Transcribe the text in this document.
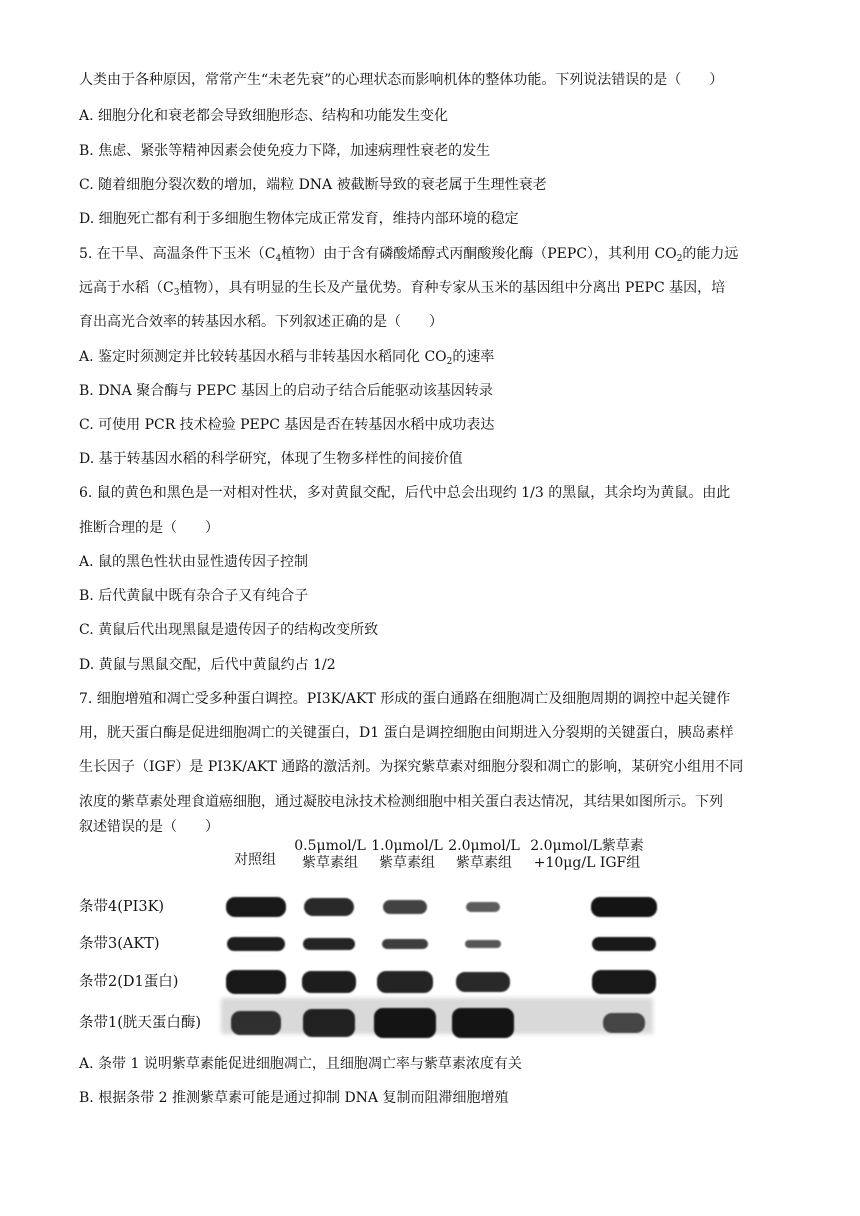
人类由于各种原因，常常产生“未老先衰”的心理状态而影响机体的整体功能。下列说法错误的是（　　）
A. 细胞分化和衰老都会导致细胞形态、结构和功能发生变化
B. 焦虑、紧张等精神因素会使免疫力下降，加速病理性衰老的发生
C. 随着细胞分裂次数的增加，端粒 DNA 被截断导致的衰老属于生理性衰老
D. 细胞死亡都有利于多细胞生物体完成正常发育，维持内部环境的稳定
5. 在干旱、高温条件下玉米（$C_4$植物）由于含有磷酸烯醇式丙酮酸羧化酶（PEPC），其利用 $CO_2$的能力远
远高于水稻（$C_3$植物），具有明显的生长及产量优势。育种专家从玉米的基因组中分离出 PEPC 基因，培
育出高光合效率的转基因水稻。下列叙述正确的是（　　）
A. 鉴定时须测定并比较转基因水稻与非转基因水稻同化 $CO_2$的速率
B. DNA 聚合酶与 PEPC 基因上的启动子结合后能驱动该基因转录
C. 可使用 PCR 技术检验 PEPC 基因是否在转基因水稻中成功表达
D. 基于转基因水稻的科学研究，体现了生物多样性的间接价值
6. 鼠的黄色和黑色是一对相对性状，多对黄鼠交配，后代中总会出现约 1/3 的黑鼠，其余均为黄鼠。由此
推断合理的是（　　）
A. 鼠的黑色性状由显性遗传因子控制
B. 后代黄鼠中既有杂合子又有纯合子
C. 黄鼠后代出现黑鼠是遗传因子的结构改变所致
D. 黄鼠与黑鼠交配，后代中黄鼠约占 1/2
7. 细胞增殖和凋亡受多种蛋白调控。PI3K/AKT 形成的蛋白通路在细胞凋亡及细胞周期的调控中起关键作
用，胱天蛋白酶是促进细胞凋亡的关键蛋白，D1 蛋白是调控细胞由间期进入分裂期的关键蛋白，胰岛素样
生长因子（IGF）是 PI3K/AKT 通路的激活剂。为探究紫草素对细胞分裂和凋亡的影响，某研究小组用不同
浓度的紫草素处理食道癌细胞，通过凝胶电泳技术检测细胞中相关蛋白表达情况，其结果如图所示。下列
叙述错误的是（　　）
对照组
0.5μmol/L
紫草素组
1.0μmol/L
紫草素组
2.0μmol/L
紫草素组
2.0μmol/L紫草素
+10μg/L IGF组
条带4(PI3K)
条带3(AKT)
条带2(D1蛋白)
条带1(胱天蛋白酶)
A. 条带 1 说明紫草素能促进细胞凋亡，且细胞凋亡率与紫草素浓度有关
B. 根据条带 2 推测紫草素可能是通过抑制 DNA 复制而阻滞细胞增殖
